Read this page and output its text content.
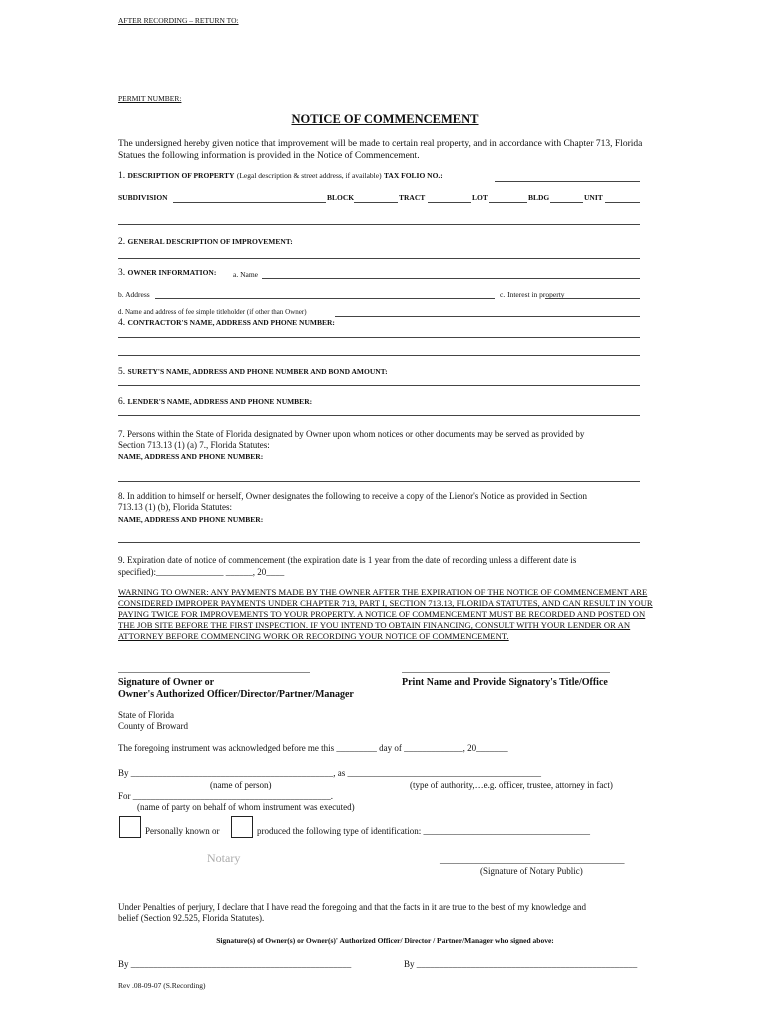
AFTER RECORDING – RETURN TO:
PERMIT NUMBER:
NOTICE OF COMMENCEMENT
The undersigned hereby given notice that improvement will be made to certain real property, and in accordance with Chapter 713, Florida Statues the following information is provided in the Notice of Commencement.
1. DESCRIPTION OF PROPERTY (Legal description & street address, if available) TAX FOLIO NO.:
SUBDIVISION	BLOCK	TRACT	LOT	BLDG	UNIT
2. GENERAL DESCRIPTION OF IMPROVEMENT:
3. OWNER INFORMATION: a. Name
b. Address	c. Interest in property
d. Name and address of fee simple titleholder (if other than Owner)
4. CONTRACTOR'S NAME, ADDRESS AND PHONE NUMBER:
5. SURETY'S NAME, ADDRESS AND PHONE NUMBER AND BOND AMOUNT:
6. LENDER'S NAME, ADDRESS AND PHONE NUMBER:
7. Persons within the State of Florida designated by Owner upon whom notices or other documents may be served as provided by
Section 713.13 (1) (a) 7., Florida Statutes:
NAME, ADDRESS AND PHONE NUMBER:
8. In addition to himself or herself, Owner designates the following to receive a copy of the Lienor's Notice as provided in Section
713.13 (1) (b), Florida Statutes:
NAME, ADDRESS AND PHONE NUMBER:
9. Expiration date of notice of commencement (the expiration date is 1 year from the date of recording unless a different date is
specified):_______________ ______, 20____
WARNING TO OWNER: ANY PAYMENTS MADE BY THE OWNER AFTER THE EXPIRATION OF THE NOTICE OF COMMENCEMENT ARE CONSIDERED IMPROPER PAYMENTS UNDER CHAPTER 713, PART I, SECTION 713.13, FLORIDA STATUTES, AND CAN RESULT IN YOUR PAYING TWICE FOR IMPROVEMENTS TO YOUR PROPERTY. A NOTICE OF COMMENCEMENT MUST BE RECORDED AND POSTED ON THE JOB SITE BEFORE THE FIRST INSPECTION. IF YOU INTEND TO OBTAIN FINANCING, CONSULT WITH YOUR LENDER OR AN ATTORNEY BEFORE COMMENCING WORK OR RECORDING YOUR NOTICE OF COMMENCEMENT.
Signature of Owner or
Owner's Authorized Officer/Director/Partner/Manager
Print Name and Provide Signatory's Title/Office
State of Florida
County of Broward
The foregoing instrument was acknowledged before me this _________ day of _____________, 20_______
By _____________________________________________, as ___________________________________________
(name of person)	(type of authority,…e.g. officer, trustee, attorney in fact)
For ____________________________________________.
(name of party on behalf of whom instrument was executed)
Personally known or	produced the following type of identification: _____________________________________
Notary	_________________________________________
(Signature of Notary Public)
Under Penalties of perjury, I declare that I have read the foregoing and that the facts in it are true to the best of my knowledge and
belief (Section 92.525, Florida Statutes).
Signature(s) of Owner(s) or Owner(s)' Authorized Officer/ Director / Partner/Manager who signed above:
By _________________________________________________	By _________________________________________________
Rev .08-09-07 (S.Recording)
